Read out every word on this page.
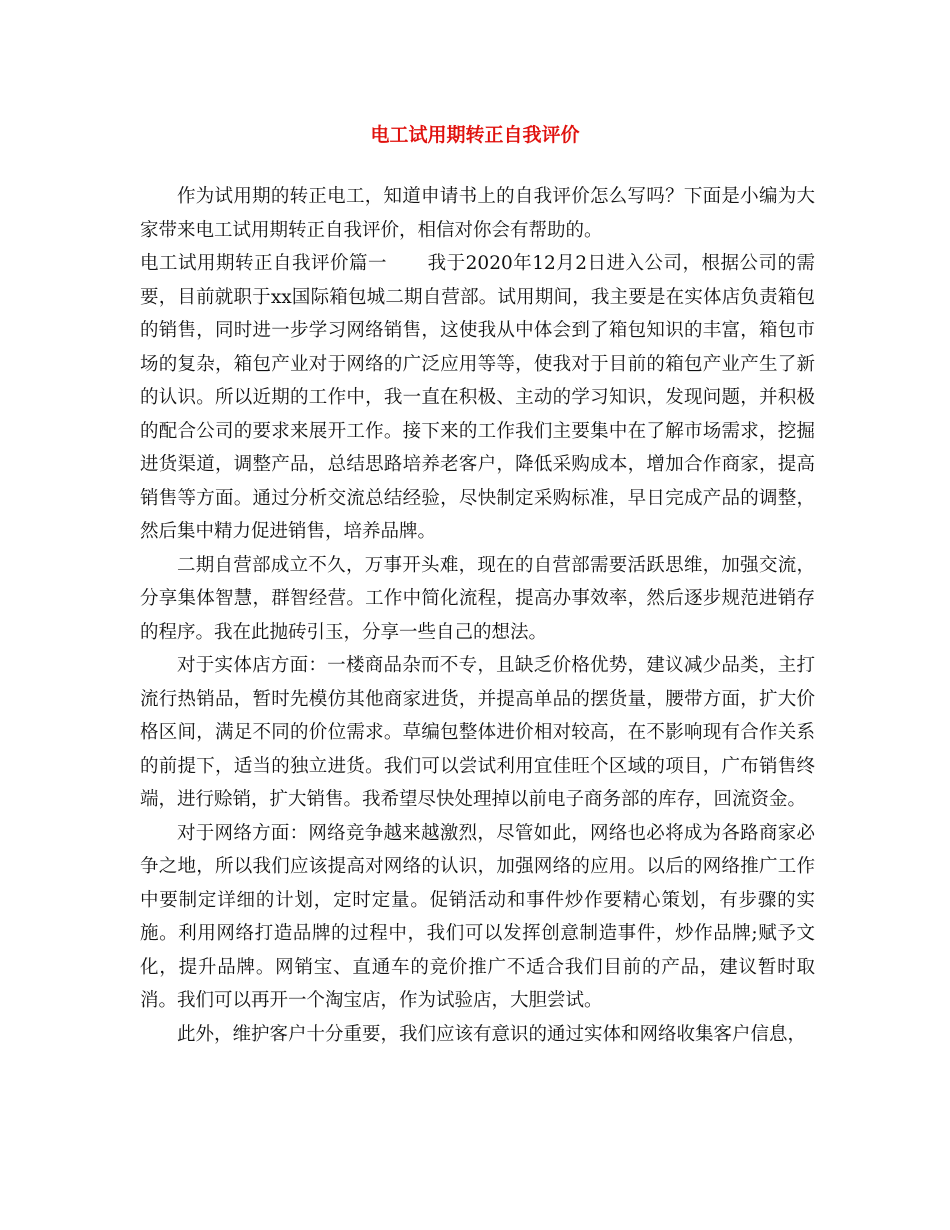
电工试用期转正自我评价

作为试用期的转正电工，知道申请书上的自我评价怎么写吗？下面是小编为大家带来电工试用期转正自我评价，相信对你会有帮助的。

电工试用期转正自我评价篇一 我于2020年12月2日进入公司，根据公司的需要，目前就职于xx国际箱包城二期自营部。试用期间，我主要是在实体店负责箱包的销售，同时进一步学习网络销售，这使我从中体会到了箱包知识的丰富，箱包市场的复杂，箱包产业对于网络的广泛应用等等，使我对于目前的箱包产业产生了新的认识。所以近期的工作中，我一直在积极、主动的学习知识，发现问题，并积极的配合公司的要求来展开工作。接下来的工作我们主要集中在了解市场需求，挖掘进货渠道，调整产品，总结思路培养老客户，降低采购成本，增加合作商家，提高销售等方面。通过分析交流总结经验，尽快制定采购标准，早日完成产品的调整，然后集中精力促进销售，培养品牌。

二期自营部成立不久，万事开头难，现在的自营部需要活跃思维，加强交流，分享集体智慧，群智经营。工作中简化流程，提高办事效率，然后逐步规范进销存的程序。我在此抛砖引玉，分享一些自己的想法。

对于实体店方面：一楼商品杂而不专，且缺乏价格优势，建议减少品类，主打流行热销品，暂时先模仿其他商家进货，并提高单品的摆货量，腰带方面，扩大价格区间，满足不同的价位需求。草编包整体进价相对较高，在不影响现有合作关系的前提下，适当的独立进货。我们可以尝试利用宜佳旺个区域的项目，广布销售终端，进行赊销，扩大销售。我希望尽快处理掉以前电子商务部的库存，回流资金。

对于网络方面：网络竞争越来越激烈，尽管如此，网络也必将成为各路商家必争之地，所以我们应该提高对网络的认识，加强网络的应用。以后的网络推广工作中要制定详细的计划，定时定量。促销活动和事件炒作要精心策划，有步骤的实施。利用网络打造品牌的过程中，我们可以发挥创意制造事件，炒作品牌;赋予文化，提升品牌。网销宝、直通车的竞价推广不适合我们目前的产品，建议暂时取消。我们可以再开一个淘宝店，作为试验店，大胆尝试。

此外，维护客户十分重要，我们应该有意识的通过实体和网络收集客户信息，
